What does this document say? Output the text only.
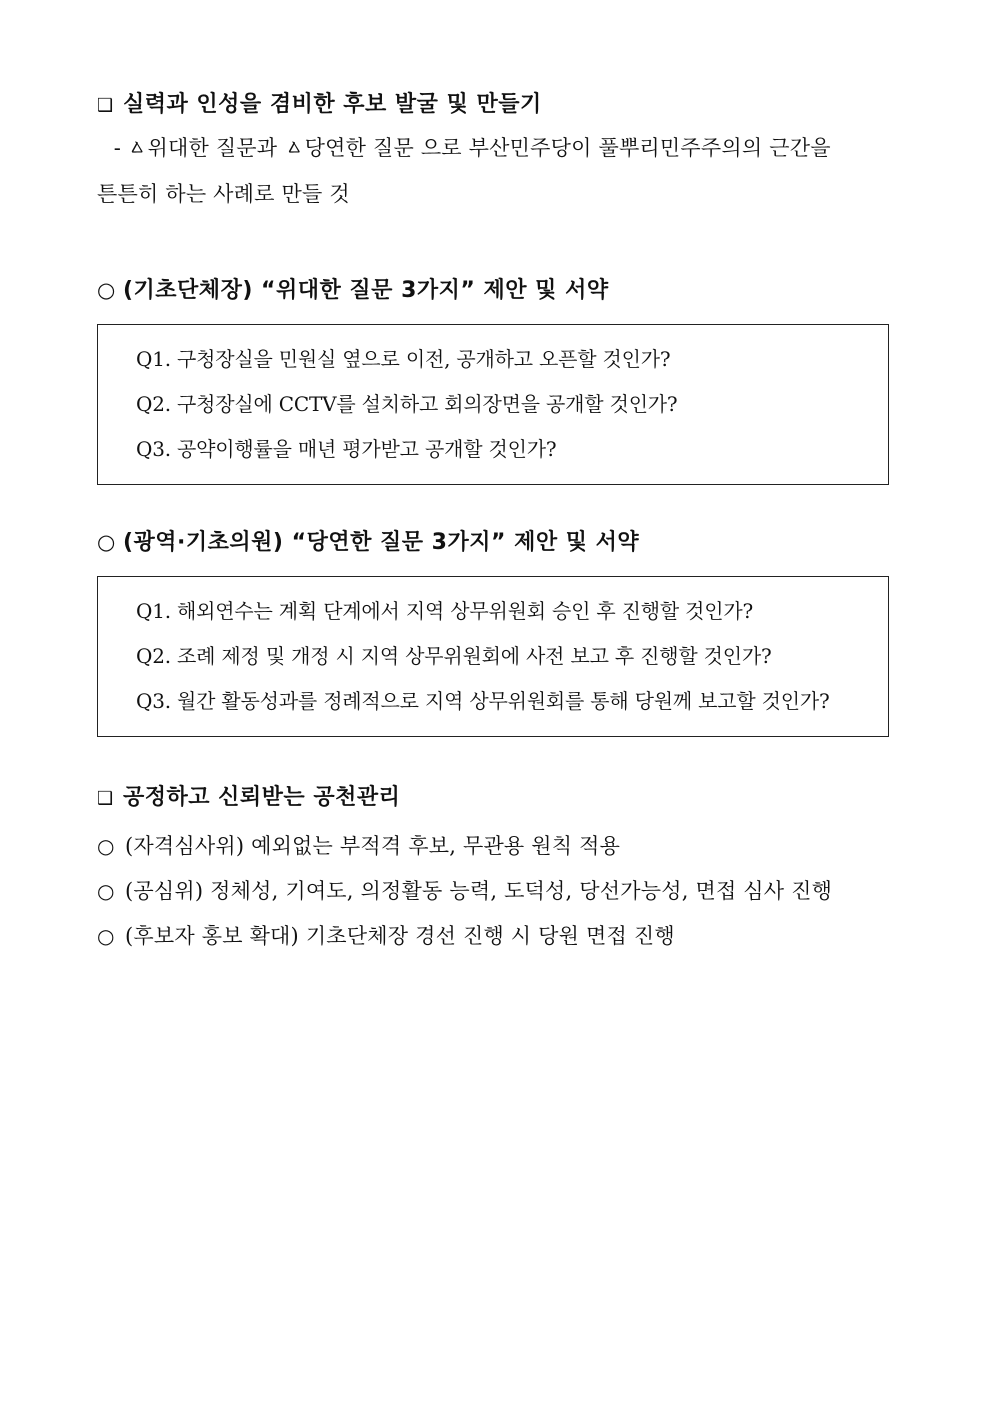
❑ 실력과 인성을 겸비한 후보 발굴 및 만들기
- ㅿ위대한 질문과 ㅿ당연한 질문 으로 부산민주당이 풀뿌리민주주의의 근간을
튼튼히 하는 사례로 만들 것
○ (기초단체장) “위대한 질문 3가지” 제안 및 서약
Q1. 구청장실을 민원실 옆으로 이전, 공개하고 오픈할 것인가?
Q2. 구청장실에 CCTV를 설치하고 회의장면을 공개할 것인가?
Q3. 공약이행률을 매년 평가받고 공개할 것인가?
○ (광역·기초의원) “당연한 질문 3가지” 제안 및 서약
Q1. 해외연수는 계획 단계에서 지역 상무위원회 승인 후 진행할 것인가?
Q2. 조례 제정 및 개정 시 지역 상무위원회에 사전 보고 후 진행할 것인가?
Q3. 월간 활동성과를 정례적으로 지역 상무위원회를 통해 당원께 보고할 것인가?
❑ 공정하고 신뢰받는 공천관리
○ (자격심사위) 예외없는 부적격 후보, 무관용 원칙 적용
○ (공심위) 정체성, 기여도, 의정활동 능력, 도덕성, 당선가능성, 면접 심사 진행
○ (후보자 홍보 확대) 기초단체장 경선 진행 시 당원 면접 진행
